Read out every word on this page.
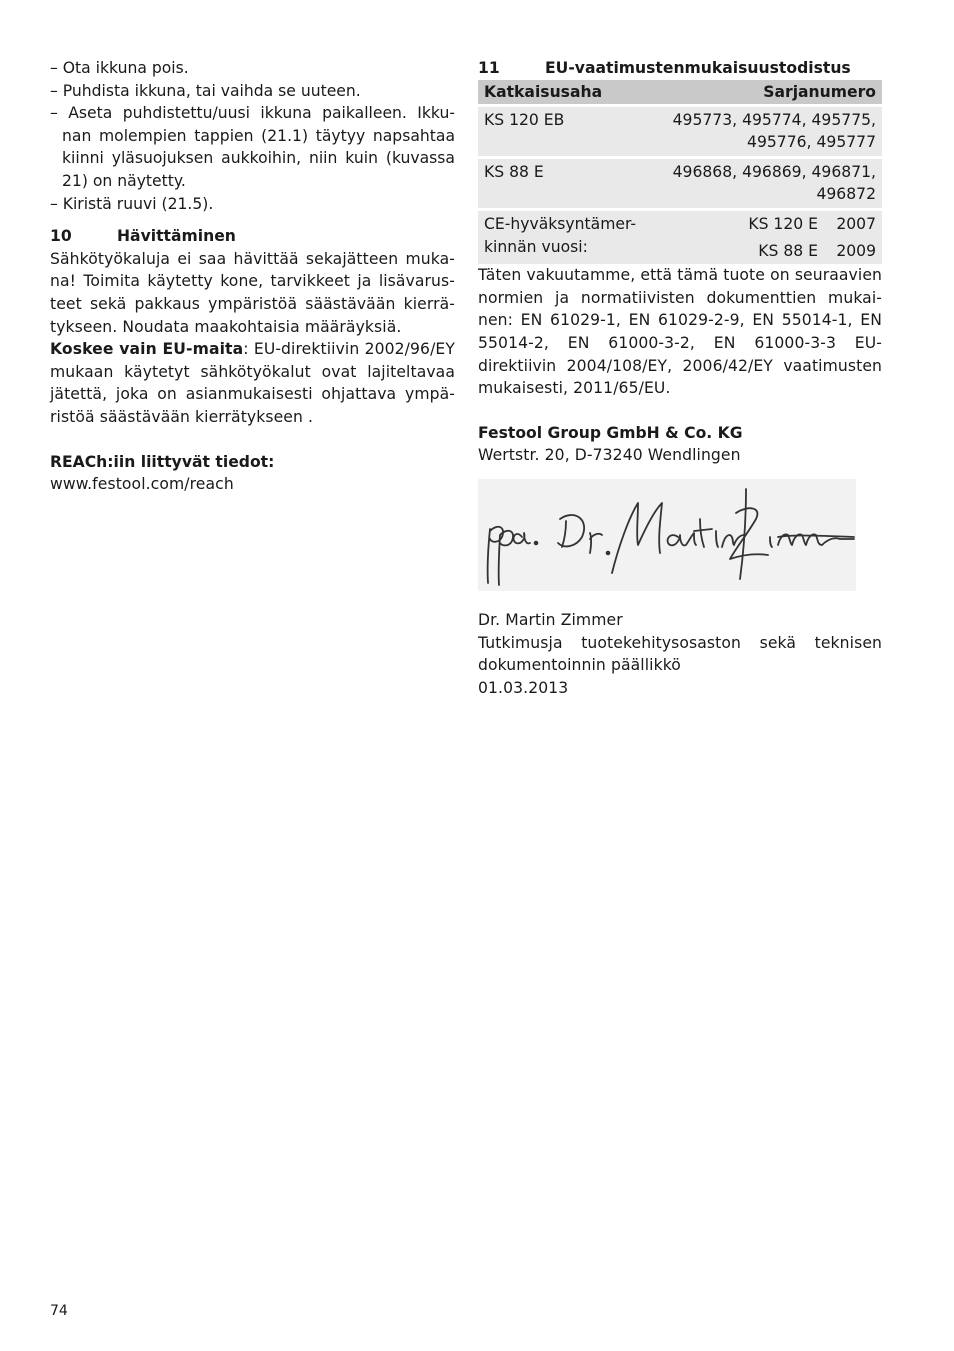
– Ota ikkuna pois.

– Puhdista ikkuna, tai vaihda se uuteen.

– Aseta puhdistettu/uusi ikkuna paikalleen. Ikku-nan molempien tappien (21.1) täytyy napsahtaa kiinni yläsuojuksen aukkoihin, niin kuin (kuvassa 21) on näytetty.

– Kiristä ruuvi (21.5).

10	Hävittäminen

Sähkötyökaluja ei saa hävittää sekajätteen muka-na! Toimita käytetty kone, tarvikkeet ja lisävarus-teet sekä pakkaus ympäristöä säästävään kierrä-tykseen. Noudata maakohtaisia määräyksiä.

Koskee vain EU-maita: EU-direktiivin 2002/96/EY mukaan käytetyt sähkötyökalut ovat lajiteltavaa jätettä, joka on asianmukaisesti ohjattava ympä-ristöä säästävään kierrätykseen .

REACh:iin liittyvät tiedot:

www.festool.com/reach

11	EU-vaatimustenmukaisuustodistus

Katkaisusaha	Sarjanumero
KS 120 EB	495773, 495774, 495775,
495776, 495777
KS 88 E	496868, 496869, 496871,
496872
CE-hyväksyntämer-kinnän vuosi:	KS 120 E 2007
KS 88 E 2009

Täten vakuutamme, että tämä tuote on seuraavien normien ja normatiivisten dokumenttien mukai-nen: EN 61029-1, EN 61029-2-9, EN 55014-1, EN 55014-2, EN 61000-3-2, EN 61000-3-3 EU-direktiivin 2004/108/EY, 2006/42/EY vaatimusten mukaisesti, 2011/65/EU.

Festool Group GmbH & Co. KG

Wertstr. 20, D-73240 Wendlingen

Dr. Martin Zimmer

Tutkimusja tuotekehitysosaston sekä teknisen dokumentoinnin päällikkö

01.03.2013

74
